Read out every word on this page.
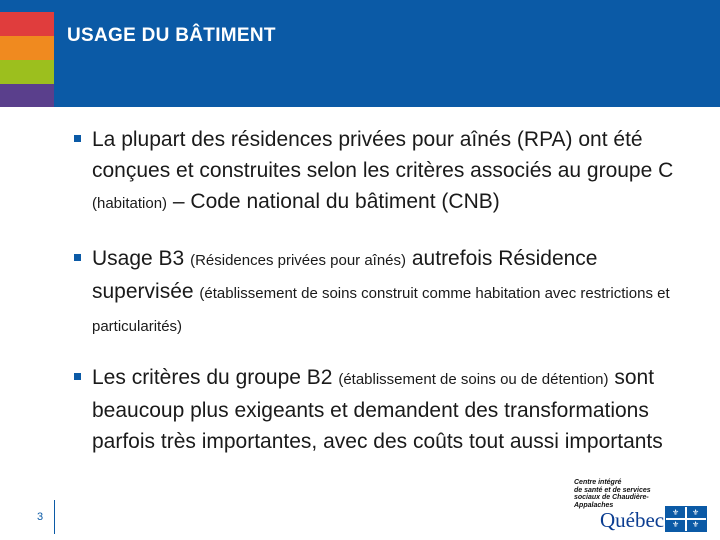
USAGE DU BÂTIMENT
La plupart des résidences privées pour aînés (RPA) ont été conçues et construites selon les critères associés au groupe C (habitation) – Code national du bâtiment (CNB)
Usage B3 (Résidences privées pour aînés) autrefois Résidence supervisée (établissement de soins construit comme habitation avec restrictions et particularités)
Les critères du groupe B2 (établissement de soins ou de détention) sont beaucoup plus exigeants et demandent des transformations parfois très importantes, avec des coûts tout aussi importants
3
Centre intégré
de santé et de services
sociaux de Chaudière-
Appalaches
Québec ⚜ ⚜
⚜ ⚜
